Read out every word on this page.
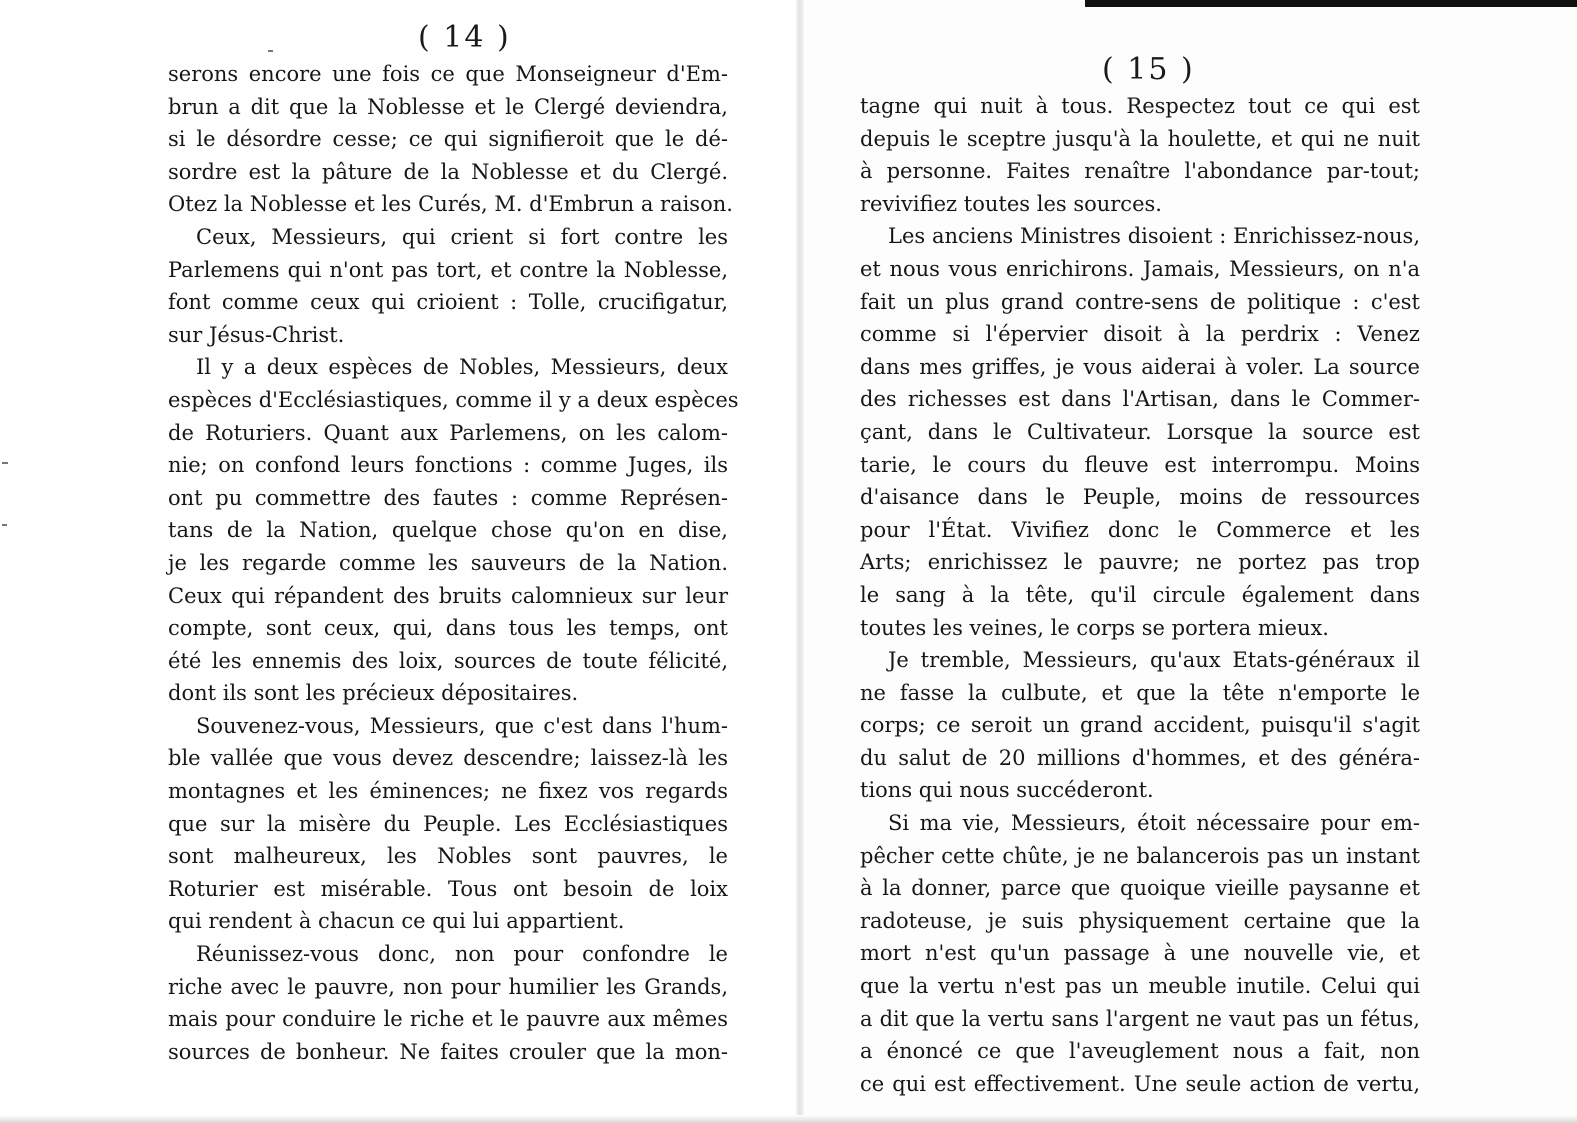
( 14 )
( 15 )
serons encore une fois ce que Monseigneur d'Em-
brun a dit que la Noblesse et le Clergé deviendra,
si le désordre cesse; ce qui signifieroit que le dé-
sordre est la pâture de la Noblesse et du Clergé.
Otez la Noblesse et les Curés, M. d'Embrun a raison.
Ceux, Messieurs, qui crient si fort contre les
Parlemens qui n'ont pas tort, et contre la Noblesse,
font comme ceux qui crioient : Tolle, crucifigatur,
sur Jésus-Christ.
Il y a deux espèces de Nobles, Messieurs, deux
espèces d'Ecclésiastiques, comme il y a deux espèces
de Roturiers. Quant aux Parlemens, on les calom-
nie; on confond leurs fonctions : comme Juges, ils
ont pu commettre des fautes : comme Représen-
tans de la Nation, quelque chose qu'on en dise,
je les regarde comme les sauveurs de la Nation.
Ceux qui répandent des bruits calomnieux sur leur
compte, sont ceux, qui, dans tous les temps, ont
été les ennemis des loix, sources de toute félicité,
dont ils sont les précieux dépositaires.
Souvenez-vous, Messieurs, que c'est dans l'hum-
ble vallée que vous devez descendre; laissez-là les
montagnes et les éminences; ne fixez vos regards
que sur la misère du Peuple. Les Ecclésiastiques
sont malheureux, les Nobles sont pauvres, le
Roturier est misérable. Tous ont besoin de loix
qui rendent à chacun ce qui lui appartient.
Réunissez-vous donc, non pour confondre le
riche avec le pauvre, non pour humilier les Grands,
mais pour conduire le riche et le pauvre aux mêmes
sources de bonheur. Ne faites crouler que la mon-
tagne qui nuit à tous. Respectez tout ce qui est
depuis le sceptre jusqu'à la houlette, et qui ne nuit
à personne. Faites renaître l'abondance par-tout;
revivifiez toutes les sources.
Les anciens Ministres disoient : Enrichissez-nous,
et nous vous enrichirons. Jamais, Messieurs, on n'a
fait un plus grand contre-sens de politique : c'est
comme si l'épervier disoit à la perdrix : Venez
dans mes griffes, je vous aiderai à voler. La source
des richesses est dans l'Artisan, dans le Commer-
çant, dans le Cultivateur. Lorsque la source est
tarie, le cours du fleuve est interrompu. Moins
d'aisance dans le Peuple, moins de ressources
pour l'État. Vivifiez donc le Commerce et les
Arts; enrichissez le pauvre; ne portez pas trop
le sang à la tête, qu'il circule également dans
toutes les veines, le corps se portera mieux.
Je tremble, Messieurs, qu'aux Etats-généraux il
ne fasse la culbute, et que la tête n'emporte le
corps; ce seroit un grand accident, puisqu'il s'agit
du salut de 20 millions d'hommes, et des généra-
tions qui nous succéderont.
Si ma vie, Messieurs, étoit nécessaire pour em-
pêcher cette chûte, je ne balancerois pas un instant
à la donner, parce que quoique vieille paysanne et
radoteuse, je suis physiquement certaine que la
mort n'est qu'un passage à une nouvelle vie, et
que la vertu n'est pas un meuble inutile. Celui qui
a dit que la vertu sans l'argent ne vaut pas un fétus,
a énoncé ce que l'aveuglement nous a fait, non
ce qui est effectivement. Une seule action de vertu,
